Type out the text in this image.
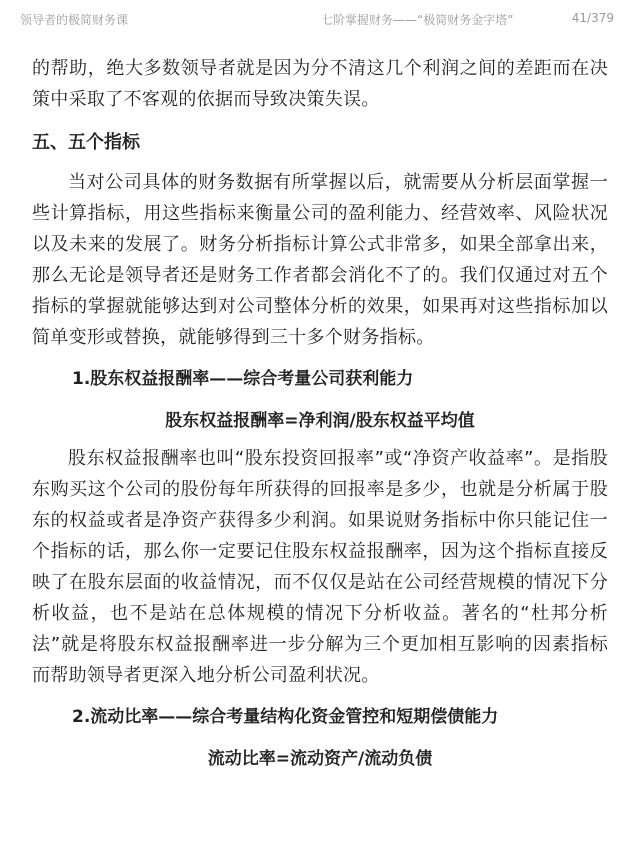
领导者的极简财务课	七阶掌握财务——“极简财务金字塔”	41/379

的帮助，绝大多数领导者就是因为分不清这几个利润之间的差距而在决策中采取了不客观的依据而导致决策失误。

五、五个指标

当对公司具体的财务数据有所掌握以后，就需要从分析层面掌握一些计算指标，用这些指标来衡量公司的盈利能力、经营效率、风险状况以及未来的发展了。财务分析指标计算公式非常多，如果全部拿出来，那么无论是领导者还是财务工作者都会消化不了的。我们仅通过对五个指标的掌握就能够达到对公司整体分析的效果，如果再对这些指标加以简单变形或替换，就能够得到三十多个财务指标。

1.股东权益报酬率——综合考量公司获利能力
股东权益报酬率=净利润/股东权益平均值

股东权益报酬率也叫“股东投资回报率”或“净资产收益率”。是指股东购买这个公司的股份每年所获得的回报率是多少，也就是分析属于股东的权益或者是净资产获得多少利润。如果说财务指标中你只能记住一个指标的话，那么你一定要记住股东权益报酬率，因为这个指标直接反映了在股东层面的收益情况，而不仅仅是站在公司经营规模的情况下分析收益，也不是站在总体规模的情况下分析收益。著名的“杜邦分析法”就是将股东权益报酬率进一步分解为三个更加相互影响的因素指标而帮助领导者更深入地分析公司盈利状况。

2.流动比率——综合考量结构化资金管控和短期偿债能力
流动比率=流动资产/流动负债
